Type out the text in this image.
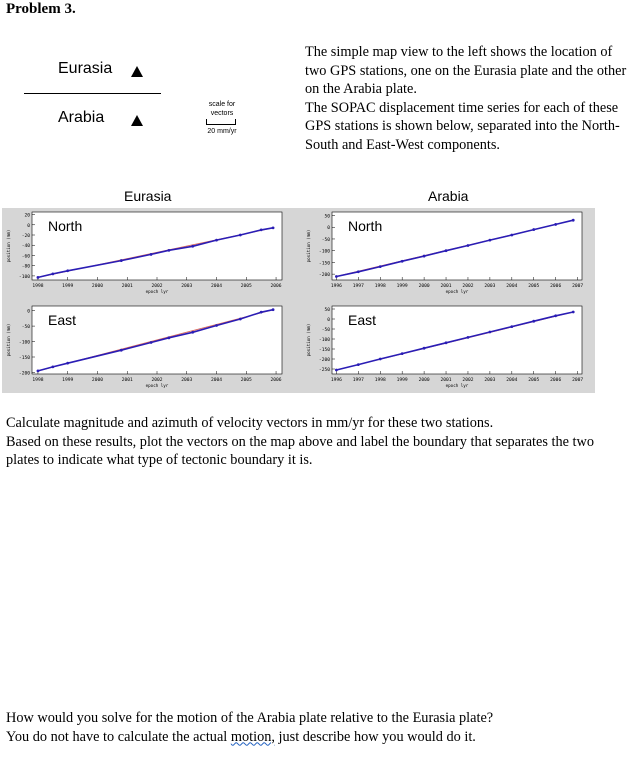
Problem 3.
Eurasia
Arabia
scale for vectors
20 mm/yr
The simple map view to the left shows the location of two GPS stations, one on the Eurasia plate and the other on the Arabia plate.
The SOPAC displacement time series for each of these GPS stations is shown below, separated into the North-South and East-West components.
Eurasia	Arabia
North
20
0
-20
-40
-60
-80
-100
position (mm)
1998	1999	2000	2001	2002	2003	2004	2005	2006
epoch lyr
East
0
-50
-100
-150
-200
position (mm)
1998	1999	2000	2001	2002	2003	2004	2005	2006
epoch lyr
North
50
0
-50
-100
-150
-200
position (mm)
1996 1997 1998 1999 2000 2001 2002 2003 2004 2005 2006 2007
epoch lyr
East
50
0
-50
-100
-150
-200
-250
position (mm)
1996 1997 1998 1999 2000 2001 2002 2003 2004 2005 2006 2007
epoch lyr
Calculate magnitude and azimuth of velocity vectors in mm/yr for these two stations.
Based on these results, plot the vectors on the map above and label the boundary that separates the two plates to indicate what type of tectonic boundary it is.
How would you solve for the motion of the Arabia plate relative to the Eurasia plate?
You do not have to calculate the actual motion, just describe how you would do it.
